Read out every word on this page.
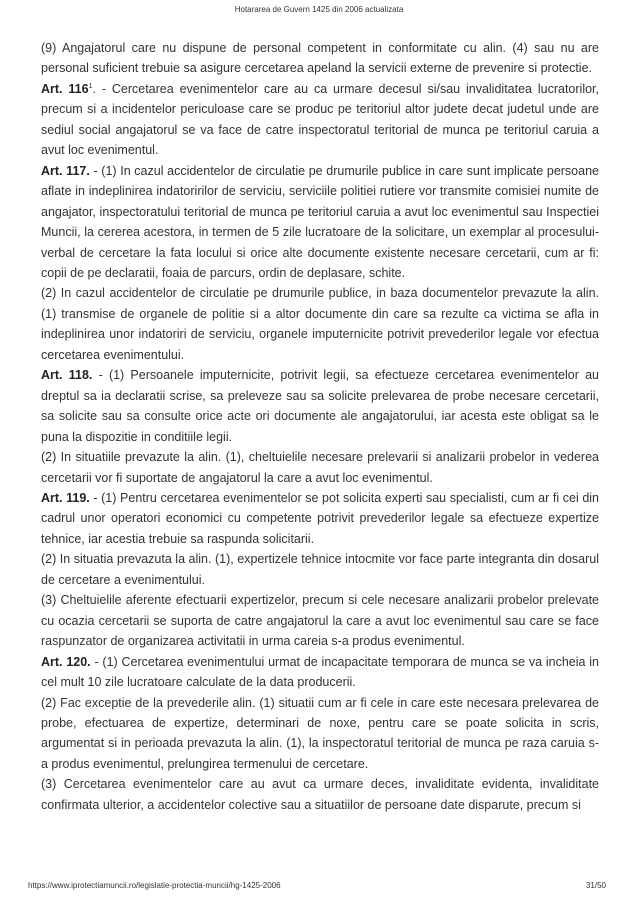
Hotararea de Guvern 1425 din 2006 actualizata

(9) Angajatorul care nu dispune de personal competent in conformitate cu alin. (4) sau nu are personal suficient trebuie sa asigure cercetarea apeland la servicii externe de prevenire si protectie.

Art. $116^1$. - Cercetarea evenimentelor care au ca urmare decesul si/sau invaliditatea lucratorilor, precum si a incidentelor periculoase care se produc pe teritoriul altor judete decat judetul unde are sediul social angajatorul se va face de catre inspectoratul teritorial de munca pe teritoriul caruia a avut loc evenimentul.

Art. 117. - (1) In cazul accidentelor de circulatie pe drumurile publice in care sunt implicate persoane aflate in indeplinirea indatoririlor de serviciu, serviciile politiei rutiere vor transmite comisiei numite de angajator, inspectoratului teritorial de munca pe teritoriul caruia a avut loc evenimentul sau Inspectiei Muncii, la cererea acestora, in termen de 5 zile lucratoare de la solicitare, un exemplar al procesului-verbal de cercetare la fata locului si orice alte documente existente necesare cercetarii, cum ar fi: copii de pe declaratii, foaia de parcurs, ordin de deplasare, schite.

(2) In cazul accidentelor de circulatie pe drumurile publice, in baza documentelor prevazute la alin. (1) transmise de organele de politie si a altor documente din care sa rezulte ca victima se afla in indeplinirea unor indatoriri de serviciu, organele imputernicite potrivit prevederilor legale vor efectua cercetarea evenimentului.

Art. 118. - (1) Persoanele imputernicite, potrivit legii, sa efectueze cercetarea evenimentelor au dreptul sa ia declaratii scrise, sa preleveze sau sa solicite prelevarea de probe necesare cercetarii, sa solicite sau sa consulte orice acte ori documente ale angajatorului, iar acesta este obligat sa le puna la dispozitie in conditiile legii.

(2) In situatiile prevazute la alin. (1), cheltuielile necesare prelevarii si analizarii probelor in vederea cercetarii vor fi suportate de angajatorul la care a avut loc evenimentul.

Art. 119. - (1) Pentru cercetarea evenimentelor se pot solicita experti sau specialisti, cum ar fi cei din cadrul unor operatori economici cu competente potrivit prevederilor legale sa efectueze expertize tehnice, iar acestia trebuie sa raspunda solicitarii.

(2) In situatia prevazuta la alin. (1), expertizele tehnice intocmite vor face parte integranta din dosarul de cercetare a evenimentului.

(3) Cheltuielile aferente efectuarii expertizelor, precum si cele necesare analizarii probelor prelevate cu ocazia cercetarii se suporta de catre angajatorul la care a avut loc evenimentul sau care se face raspunzator de organizarea activitatii in urma careia s-a produs evenimentul.

Art. 120. - (1) Cercetarea evenimentului urmat de incapacitate temporara de munca se va incheia in cel mult 10 zile lucratoare calculate de la data producerii.

(2) Fac exceptie de la prevederile alin. (1) situatii cum ar fi cele in care este necesara prelevarea de probe, efectuarea de expertize, determinari de noxe, pentru care se poate solicita in scris, argumentat si in perioada prevazuta la alin. (1), la inspectoratul teritorial de munca pe raza caruia s-a produs evenimentul, prelungirea termenului de cercetare.

(3) Cercetarea evenimentelor care au avut ca urmare deces, invaliditate evidenta, invaliditate confirmata ulterior, a accidentelor colective sau a situatiilor de persoane date disparute, precum si

https://www.iprotectiamuncii.ro/legislatie-protectia-muncii/hg-1425-2006	31/50
